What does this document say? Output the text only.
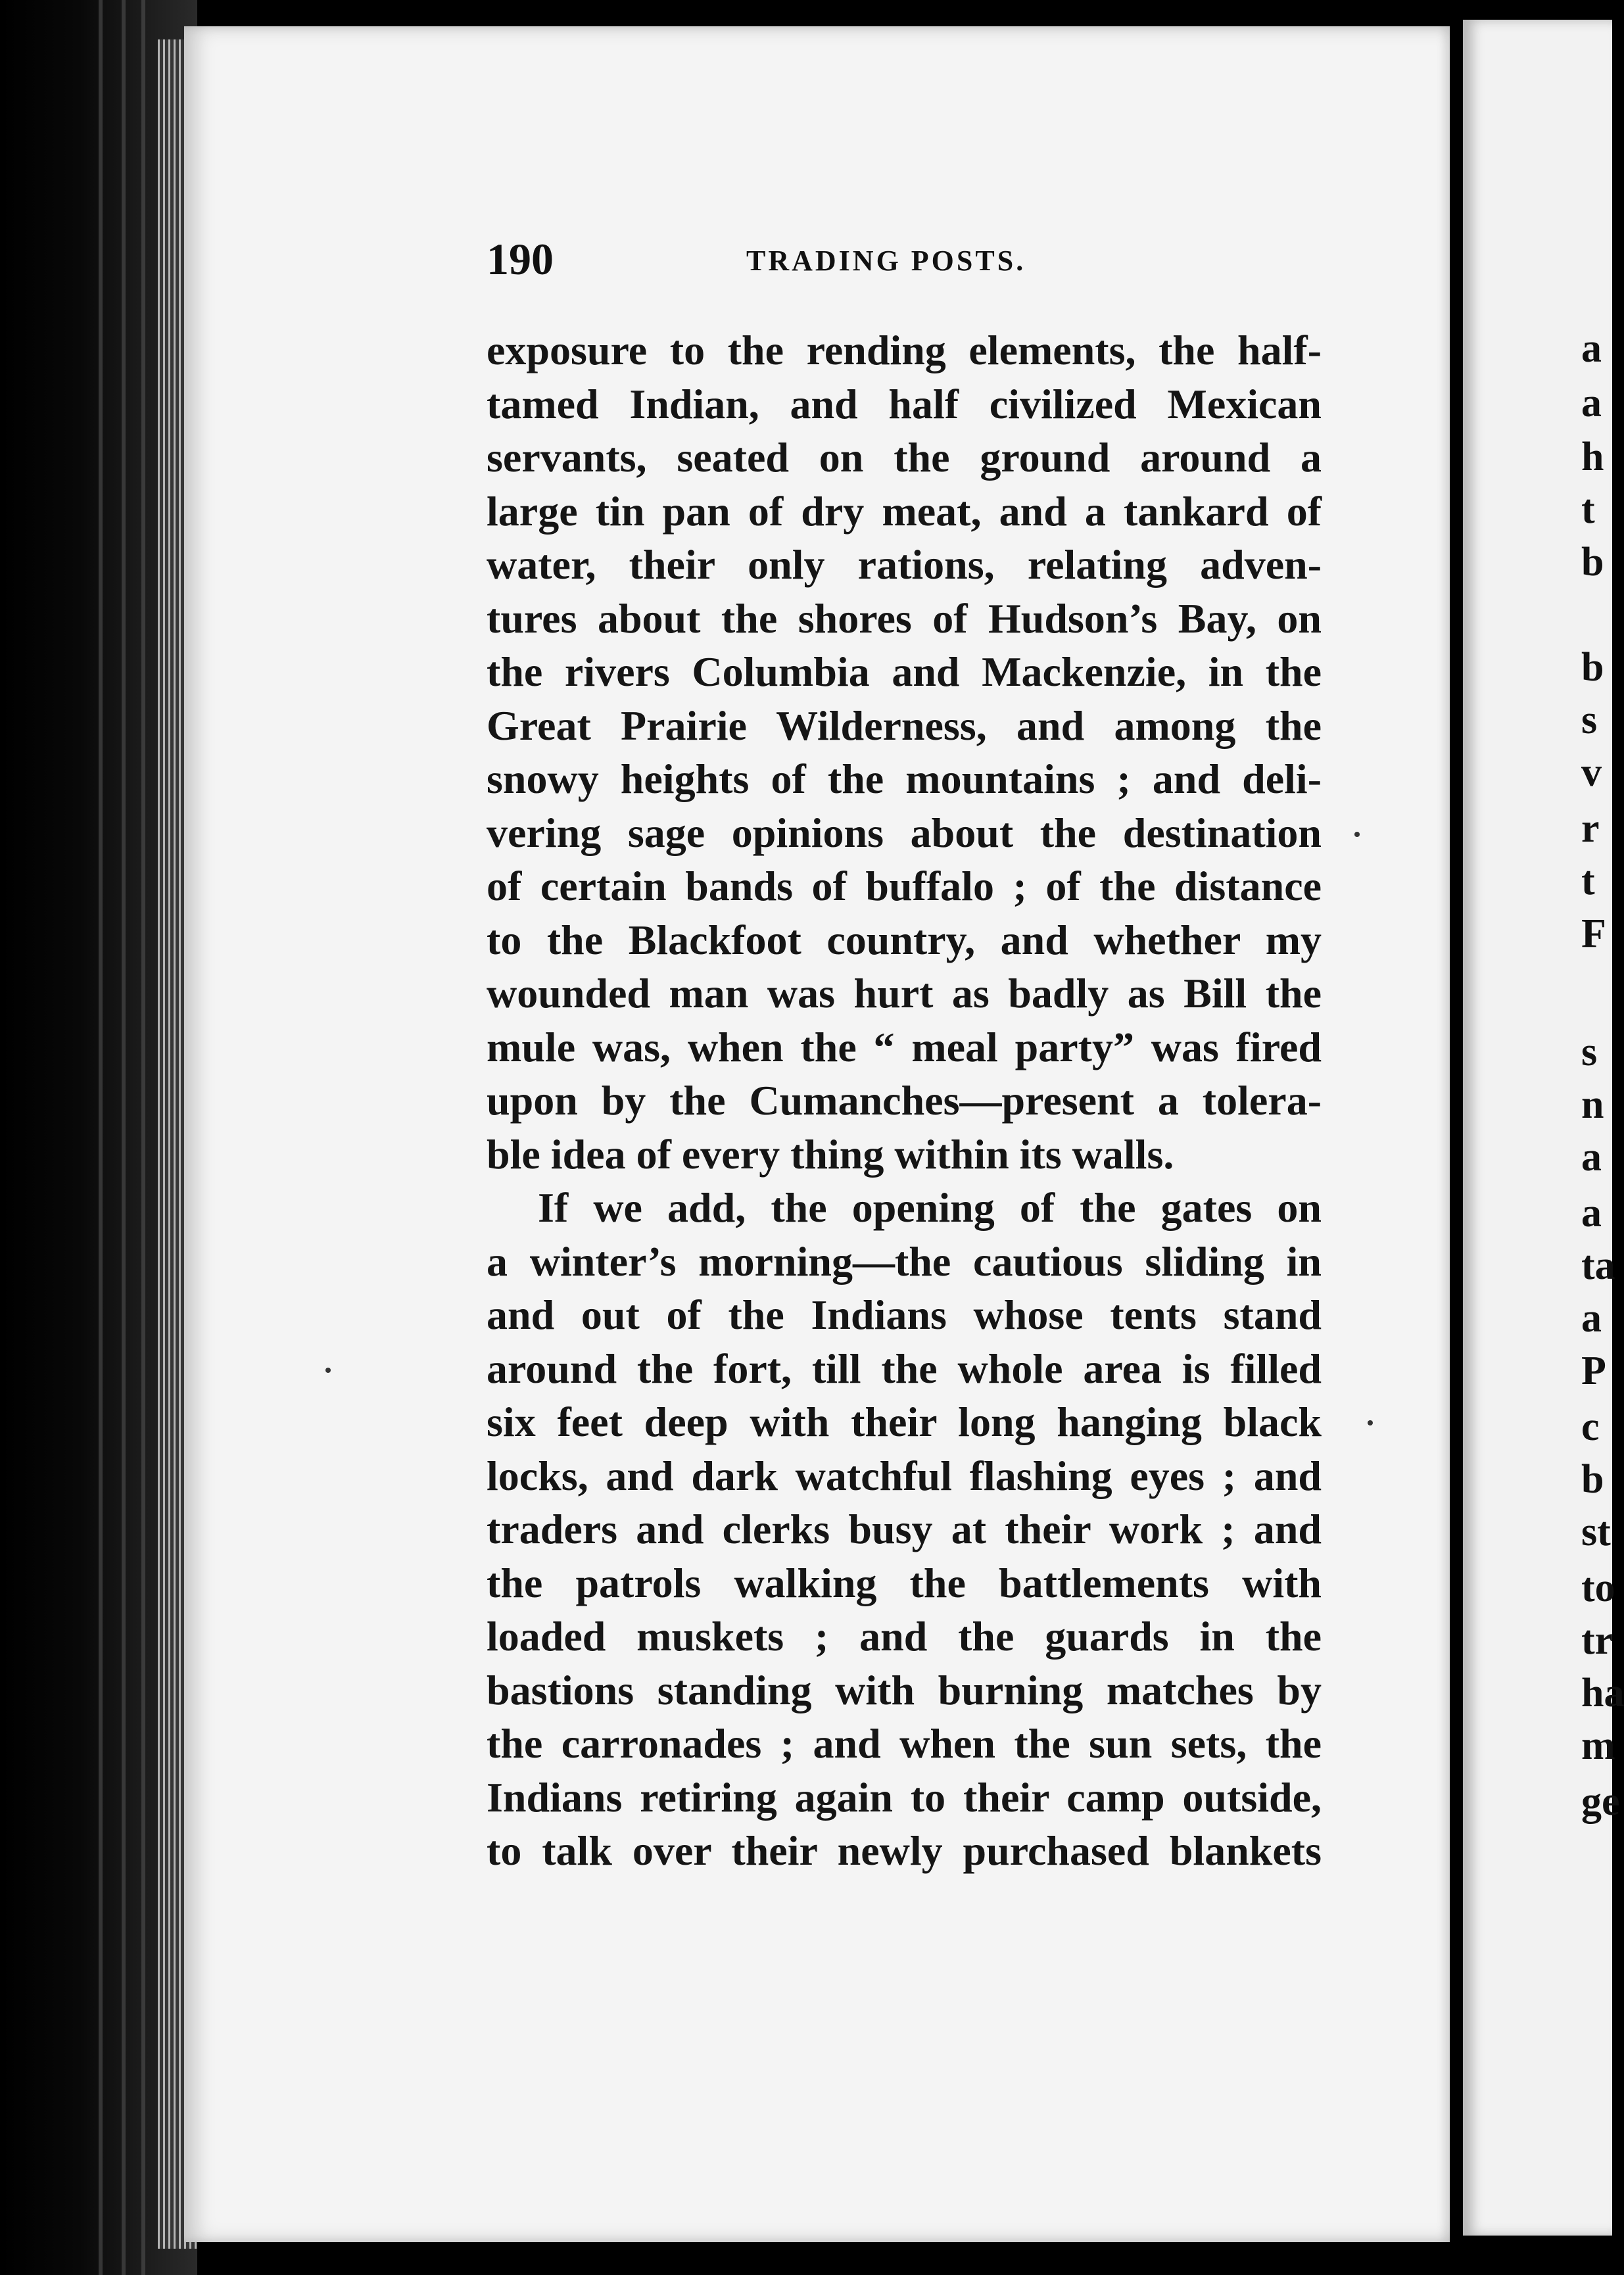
190	TRADING POSTS.
exposure to the rending elements, the half-
tamed Indian, and half civilized Mexican
servants, seated on the ground around a
large tin pan of dry meat, and a tankard of
water, their only rations, relating adven-
tures about the shores of Hudson’s Bay, on
the rivers Columbia and Mackenzie, in the
Great Prairie Wilderness, and among the
snowy heights of the mountains ; and deli-
vering sage opinions about the destination
of certain bands of buffalo ; of the distance
to the Blackfoot country, and whether my
wounded man was hurt as badly as Bill the
mule was, when the “ meal party” was fired
upon by the Cumanches—present a tolera-
ble idea of every thing within its walls.
If we add, the opening of the gates on
a winter’s morning—the cautious sliding in
and out of the Indians whose tents stand
around the fort, till the whole area is filled
six feet deep with their long hanging black
locks, and dark watchful flashing eyes ; and
traders and clerks busy at their work ; and
the patrols walking the battlements with
loaded muskets ; and the guards in the
bastions standing with burning matches by
the carronades ; and when the sun sets, the
Indians retiring again to their camp outside,
to talk over their newly purchased blankets
a
a
h
t
b
b
s
v
r
t
F
s
n
a
a
ta
a
P
c
b
st
to
tr
ha
m
ge
